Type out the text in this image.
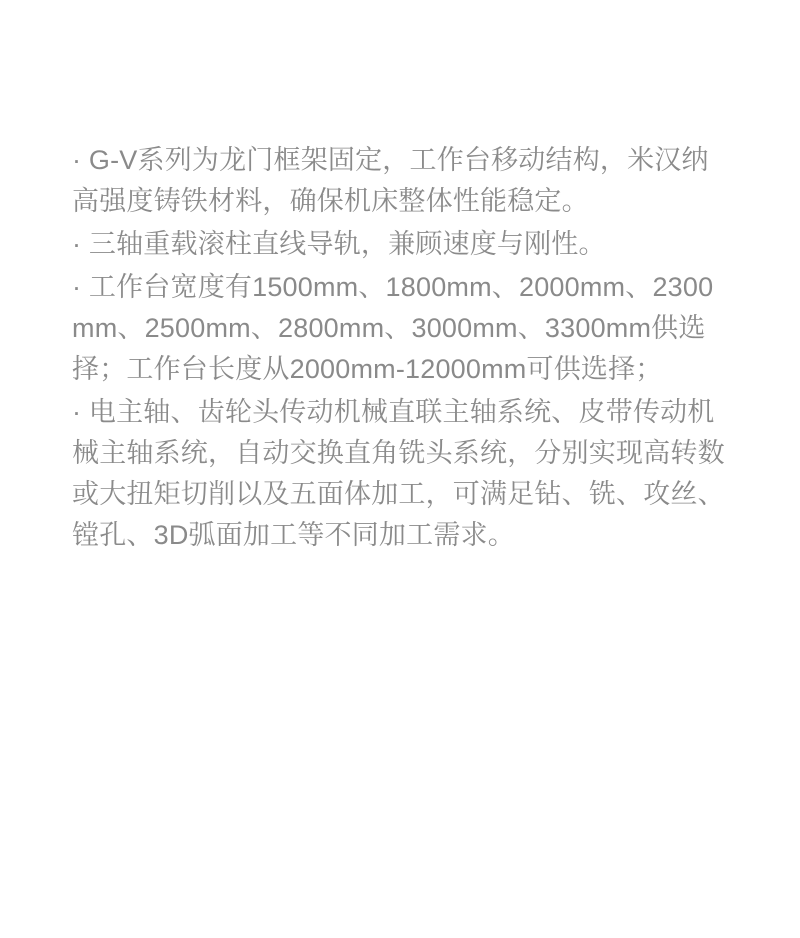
· G-V系列为龙门框架固定，工作台移动结构，米汉纳高强度铸铁材料，确保机床整体性能稳定。
· 三轴重载滚柱直线导轨，兼顾速度与刚性。
· 工作台宽度有1500mm、1800mm、2000mm、2300mm、2500mm、2800mm、3000mm、3300mm供选择；工作台长度从2000mm-12000mm可供选择；
· 电主轴、齿轮头传动机械直联主轴系统、皮带传动机械主轴系统，自动交换直角铣头系统，分别实现高转数或大扭矩切削以及五面体加工，可满足钻、铣、攻丝、镗孔、3D弧面加工等不同加工需求。
